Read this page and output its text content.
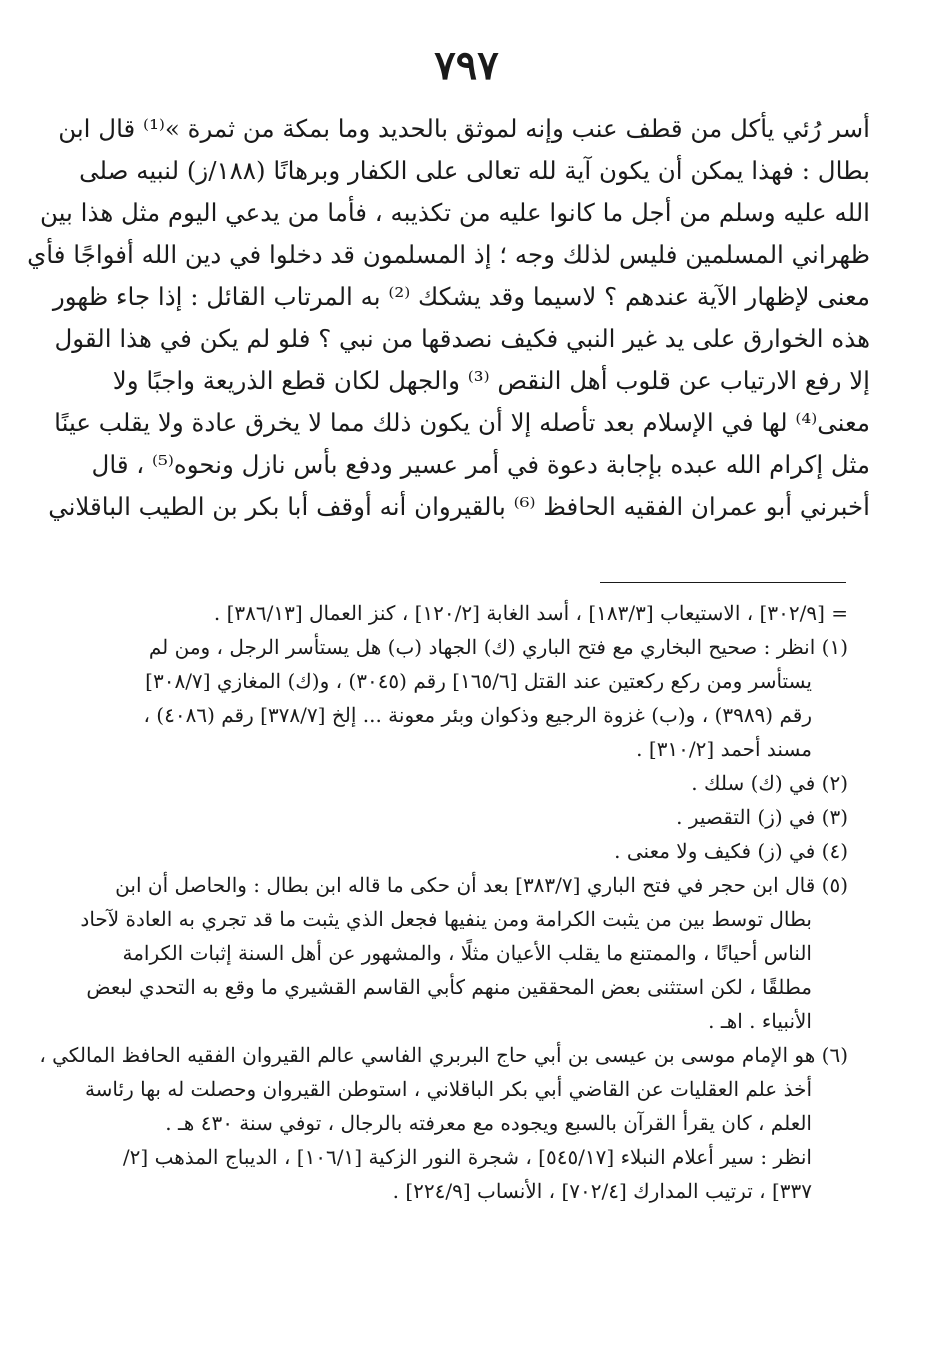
٧٩٧
أسر رُئي يأكل من قطف عنب وإنه لموثق بالحديد وما بمكة من ثمرة »⁽¹⁾ قال ابن
بطال : فهذا يمكن أن يكون آية لله تعالى على الكفار وبرهانًا (١٨٨/ز) لنبيه صلى
الله عليه وسلم من أجل ما كانوا عليه من تكذيبه ، فأما من يدعي اليوم مثل هذا بين
ظهراني المسلمين فليس لذلك وجه ؛ إذ المسلمون قد دخلوا في دين الله أفواجًا فأي
معنى لإظهار الآية عندهم ؟ لاسيما وقد يشكك ⁽²⁾ به المرتاب القائل : إذا جاء ظهور
هذه الخوارق على يد غير النبي فكيف نصدقها من نبي ؟ فلو لم يكن في هذا القول
إلا رفع الارتياب عن قلوب أهل النقص ⁽³⁾ والجهل لكان قطع الذريعة واجبًا ولا
معنى⁽⁴⁾ لها في الإسلام بعد تأصله إلا أن يكون ذلك مما لا يخرق عادة ولا يقلب عينًا
مثل إكرام الله عبده بإجابة دعوة في أمر عسير ودفع بأس نازل ونحوه⁽⁵⁾ ، قال
أخبرني أبو عمران الفقيه الحافظ ⁽⁶⁾ بالقيروان أنه أوقف أبا بكر بن الطيب الباقلاني
= [٣٠٢/٩] ، الاستيعاب [١٨٣/٣] ، أسد الغابة [١٢٠/٢] ، كنز العمال [٣٨٦/١٣] .
(١) انظر : صحيح البخاري مع فتح الباري (ك) الجهاد (ب) هل يستأسر الرجل ، ومن لم
يستأسر ومن ركع ركعتين عند القتل [١٦٥/٦] رقم (٣٠٤٥) ، و(ك) المغازي [٣٠٨/٧]
رقم (٣٩٨٩) ، و(ب) غزوة الرجيع وذكوان وبئر معونة ... إلخ [٣٧٨/٧] رقم (٤٠٨٦) ،
مسند أحمد [٣١٠/٢] .
(٢) في (ك) سلك .
(٣) في (ز) التقصير .
(٤) في (ز) فكيف ولا معنى .
(٥) قال ابن حجر في فتح الباري [٣٨٣/٧] بعد أن حكى ما قاله ابن بطال : والحاصل أن ابن
بطال توسط بين من يثبت الكرامة ومن ينفيها فجعل الذي يثبت ما قد تجري به العادة لآحاد
الناس أحيانًا ، والممتنع ما يقلب الأعيان مثلًا ، والمشهور عن أهل السنة إثبات الكرامة
مطلقًا ، لكن استثنى بعض المحققين منهم كأبي القاسم القشيري ما وقع به التحدي لبعض
الأنبياء . اهـ .
(٦) هو الإمام موسى بن عيسى بن أبي حاج البربري الفاسي عالم القيروان الفقيه الحافظ المالكي ،
أخذ علم العقليات عن القاضي أبي بكر الباقلاني ، استوطن القيروان وحصلت له بها رئاسة
العلم ، كان يقرأ القرآن بالسبع ويجوده مع معرفته بالرجال ، توفي سنة ٤٣٠ هـ .
انظر : سير أعلام النبلاء [٥٤٥/١٧] ، شجرة النور الزكية [١٠٦/١] ، الديباج المذهب [٢/
٣٣٧] ، ترتيب المدارك [٧٠٢/٤] ، الأنساب [٢٢٤/٩] .
